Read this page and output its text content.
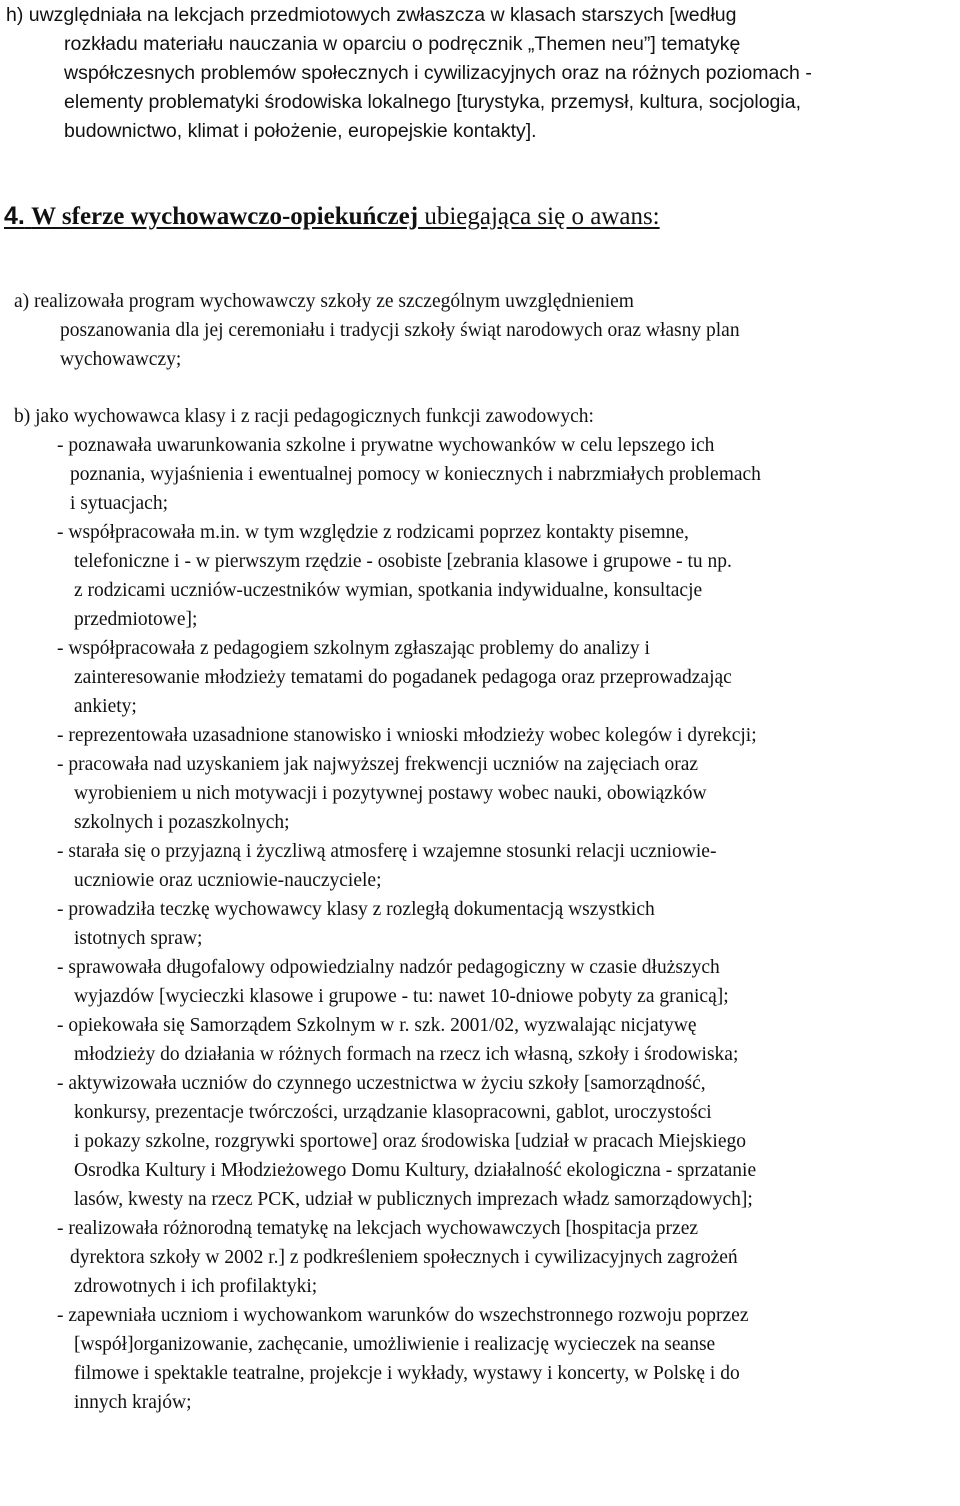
h) uwzględniała na lekcjach przedmiotowych zwłaszcza w klasach starszych [według
rozkładu materiału nauczania w oparciu o podręcznik „Themen neu”] tematykę
współczesnych problemów społecznych i cywilizacyjnych oraz na różnych poziomach -
elementy problematyki środowiska lokalnego [turystyka, przemysł, kultura, socjologia,
budownictwo, klimat i położenie, europejskie kontakty].
4. W sferze wychowawczo-opiekuńczej ubiegająca się o awans:
a) realizowała program wychowawczy szkoły ze szczególnym uwzględnieniem
poszanowania dla jej ceremoniału i tradycji szkoły świąt narodowych oraz własny plan
wychowawczy;
b) jako wychowawca klasy i z racji pedagogicznych funkcji zawodowych:
- poznawała uwarunkowania szkolne i prywatne wychowanków w celu lepszego ich
poznania, wyjaśnienia i ewentualnej pomocy w koniecznych i nabrzmiałych problemach
i sytuacjach;
- współpracowała m.in. w tym względzie z rodzicami poprzez kontakty pisemne,
telefoniczne i - w pierwszym rzędzie - osobiste [zebrania klasowe i grupowe - tu np.
z rodzicami uczniów-uczestników wymian, spotkania indywidualne, konsultacje
przedmiotowe];
- współpracowała z pedagogiem szkolnym zgłaszając problemy do analizy i
zainteresowanie młodzieży tematami do pogadanek pedagoga oraz przeprowadzając
ankiety;
- reprezentowała uzasadnione stanowisko i wnioski młodzieży wobec kolegów i dyrekcji;
- pracowała nad uzyskaniem jak najwyższej frekwencji uczniów na zajęciach oraz
wyrobieniem u nich motywacji i pozytywnej postawy wobec nauki, obowiązków
szkolnych i pozaszkolnych;
- starała się o przyjazną i życzliwą atmosferę i wzajemne stosunki relacji uczniowie-
uczniowie oraz uczniowie-nauczyciele;
- prowadziła teczkę wychowawcy klasy z rozległą dokumentacją wszystkich
istotnych spraw;
- sprawowała długofalowy odpowiedzialny nadzór pedagogiczny w czasie dłuższych
wyjazdów [wycieczki klasowe i grupowe - tu: nawet 10-dniowe pobyty za granicą];
- opiekowała się Samorządem Szkolnym w r. szk. 2001/02, wyzwalając nicjatywę
młodzieży do działania w różnych formach na rzecz ich własną, szkoły i środowiska;
- aktywizowała uczniów do czynnego uczestnictwa w życiu szkoły [samorządność,
konkursy, prezentacje twórczości, urządzanie klasopracowni, gablot, uroczystości
i pokazy szkolne, rozgrywki sportowe] oraz środowiska [udział w pracach Miejskiego
Osrodka Kultury i Młodzieżowego Domu Kultury, działalność ekologiczna - sprzatanie
lasów, kwesty na rzecz PCK, udział w publicznych imprezach władz samorządowych];
- realizowała różnorodną tematykę na lekcjach wychowawczych [hospitacja przez
dyrektora szkoły w 2002 r.] z podkreśleniem społecznych i cywilizacyjnych zagrożeń
zdrowotnych i ich profilaktyki;
- zapewniała uczniom i wychowankom warunków do wszechstronnego rozwoju poprzez
[współ]organizowanie, zachęcanie, umożliwienie i realizację wycieczek na seanse
filmowe i spektakle teatralne, projekcje i wykłady, wystawy i koncerty, w Polskę i do
innych krajów;
